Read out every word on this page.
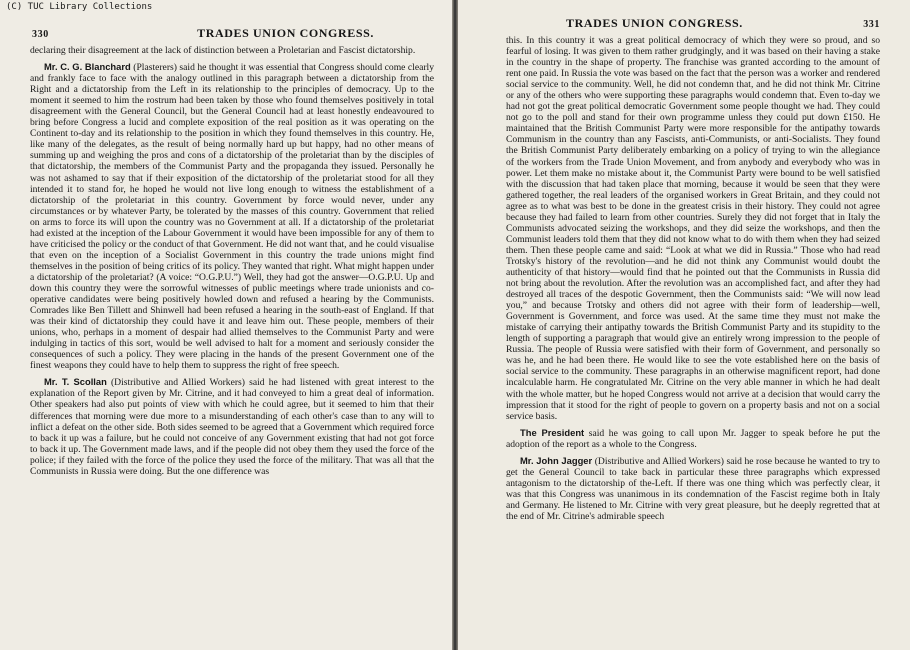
(C) TUC Library Collections
330	TRADES UNION CONGRESS.

declaring their disagreement at the lack of distinction between a Proletarian and Fascist dictatorship.

Mr. C. G. Blanchard (Plasterers) said he thought it was essential that Congress should come clearly and frankly face to face with the analogy outlined in this paragraph between a dictatorship from the Right and a dictatorship from the Left in its relationship to the principles of democracy. Up to the moment it seemed to him the rostrum had been taken by those who found themselves positively in total disagreement with the General Council, but the General Council had at least honestly endeavoured to bring before Congress a lucid and complete exposition of the real position as it was operating on the Continent to-day and its relationship to the position in which they found themselves in this country. He, like many of the delegates, as the result of being normally hard up but happy, had no other means of summing up and weighing the pros and cons of a dictatorship of the proletariat than by the disciples of that dictatorship, the members of the Communist Party and the propaganda they issued. Personally he was not ashamed to say that if their exposition of the dictatorship of the proletariat stood for all they intended it to stand for, he hoped he would not live long enough to witness the establishment of a dictatorship of the proletariat in this country. Government by force would never, under any circumstances or by whatever Party, be tolerated by the masses of this country. Government that relied on arms to force its will upon the country was no Government at all. If a dictatorship of the proletariat had existed at the inception of the Labour Government it would have been impossible for any of them to have criticised the policy or the conduct of that Government. He did not want that, and he could visualise that even on the inception of a Socialist Government in this country the trade unions might find themselves in the position of being critics of its policy. They wanted that right. What might happen under a dictatorship of the proletariat? (A voice: “O.G.P.U.”) Well, they had got the answer—O.G.P.U. Up and down this country they were the sorrowful witnesses of public meetings where trade unionists and co-operative candidates were being positively howled down and refused a hearing by the Communists. Comrades like Ben Tillett and Shinwell had been refused a hearing in the south-east of England. If that was their kind of dictatorship they could have it and leave him out. These people, members of their unions, who, perhaps in a moment of despair had allied themselves to the Communist Party and were indulging in tactics of this sort, would be well advised to halt for a moment and seriously consider the consequences of such a policy. They were placing in the hands of the present Government one of the finest weapons they could have to help them to suppress the right of free speech.

Mr. T. Scollan (Distributive and Allied Workers) said he had listened with great interest to the explanation of the Report given by Mr. Citrine, and it had conveyed to him a great deal of information. Other speakers had also put points of view with which he could agree, but it seemed to him that their differences that morning were due more to a misunderstanding of each other's case than to any will to inflict a defeat on the other side. Both sides seemed to be agreed that a Government which required force to back it up was a failure, but he could not conceive of any Government existing that had not got force to back it up. The Government made laws, and if the people did not obey them they used the force of the police; if they failed with the force of the police they used the force of the military. That was all that the Communists in Russia were doing. But the one difference was

TRADES UNION CONGRESS.	331

this. In this country it was a great political democracy of which they were so proud, and so fearful of losing. It was given to them rather grudgingly, and it was based on their having a stake in the country in the shape of property. The franchise was granted according to the amount of rent one paid. In Russia the vote was based on the fact that the person was a worker and rendered social service to the community. Well, he did not condemn that, and he did not think Mr. Citrine or any of the others who were supporting these paragraphs would condemn that. Even to-day we had not got the great political democratic Government some people thought we had. They could not go to the poll and stand for their own programme unless they could put down £150. He maintained that the British Communist Party were more responsible for the antipathy towards Communism in the country than any Fascists, anti-Communists, or anti-Socialists. They found the British Communist Party deliberately embarking on a policy of trying to win the allegiance of the workers from the Trade Union Movement, and from anybody and everybody who was in power. Let them make no mistake about it, the Communist Party were bound to be well satisfied with the discussion that had taken place that morning, because it would be seen that they were gathered together, the real leaders of the organised workers in Great Britain, and they could not agree as to what was best to be done in the greatest crisis in their history. They could not agree because they had failed to learn from other countries. Surely they did not forget that in Italy the Communists advocated seizing the workshops, and they did seize the workshops, and then the Communist leaders told them that they did not know what to do with them when they had seized them. Then these people came and said: “Look at what we did in Russia.” Those who had read Trotsky's history of the revolution—and he did not think any Communist would doubt the authenticity of that history—would find that he pointed out that the Communists in Russia did not bring about the revolution. After the revolution was an accomplished fact, and after they had destroyed all traces of the despotic Government, then the Communists said: “We will now lead you,” and because Trotsky and others did not agree with their form of leadership—well, Government is Government, and force was used. At the same time they must not make the mistake of carrying their antipathy towards the British Communist Party and its stupidity to the length of supporting a paragraph that would give an entirely wrong impression to the people of Russia. The people of Russia were satisfied with their form of Government, and personally so was he, and he had been there. He would like to see the vote established here on the basis of social service to the community. These paragraphs in an otherwise magnificent report, had done incalculable harm. He congratulated Mr. Citrine on the very able manner in which he had dealt with the whole matter, but he hoped Congress would not arrive at a decision that would carry the impression that it stood for the right of people to govern on a property basis and not on a social service basis.

The President said he was going to call upon Mr. Jagger to speak before he put the adoption of the report as a whole to the Congress.

Mr. John Jagger (Distributive and Allied Workers) said he rose because he wanted to try to get the General Council to take back in particular these three paragraphs which expressed antagonism to the dictatorship of the-Left. If there was one thing which was perfectly clear, it was that this Congress was unanimous in its condemnation of the Fascist regime both in Italy and Germany. He listened to Mr. Citrine with very great pleasure, but he deeply regretted that at the end of Mr. Citrine's admirable speech
